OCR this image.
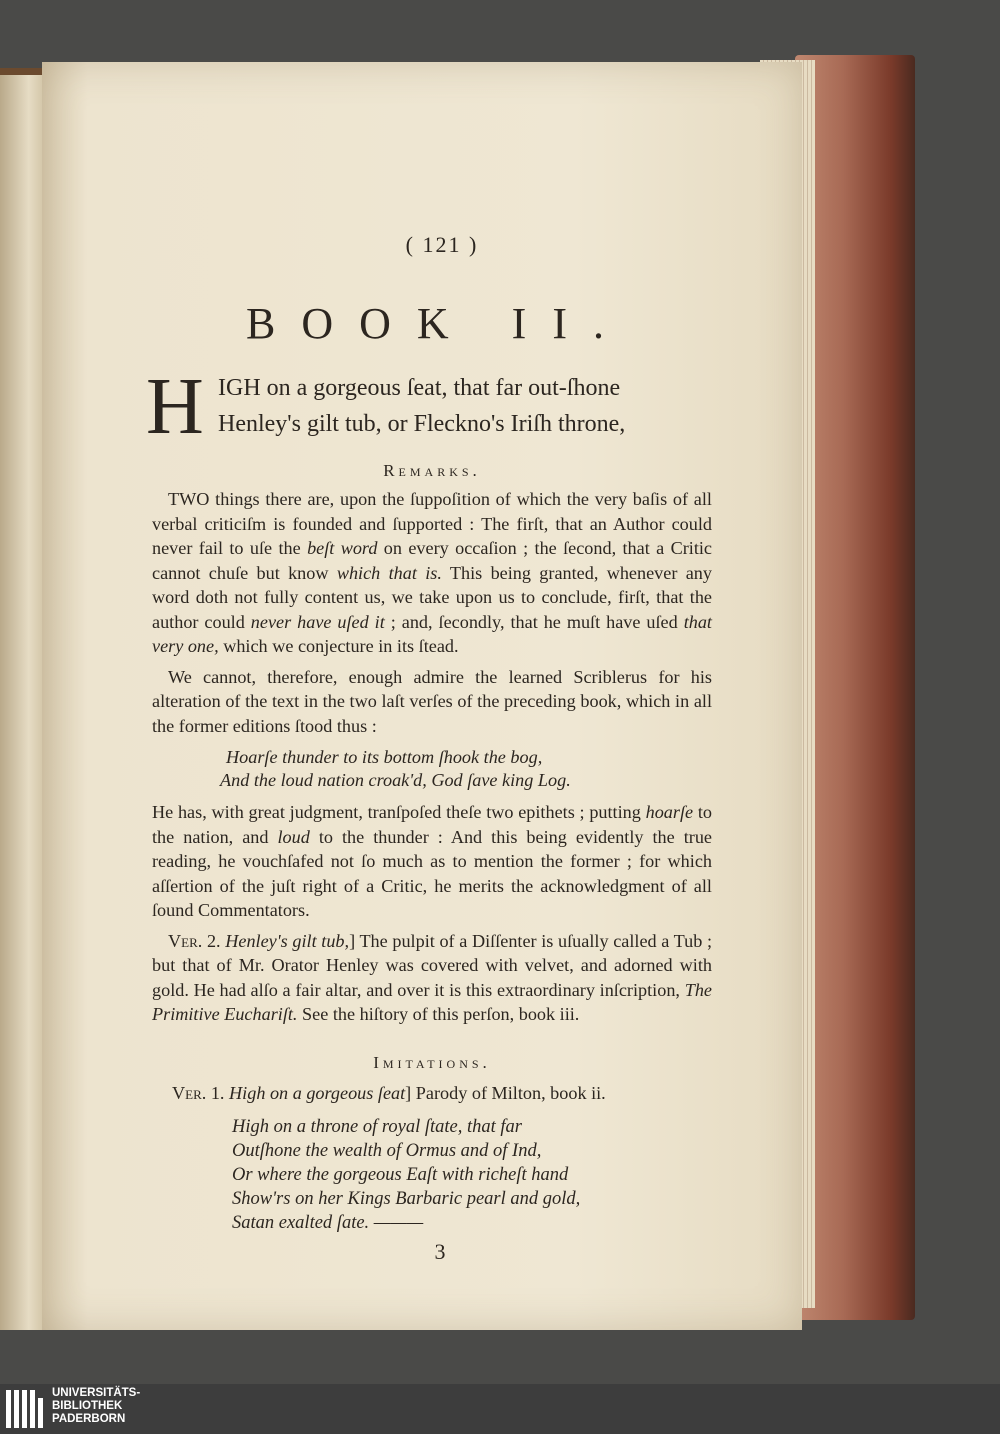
( 121 )
BOOK II.
H IGH on a gorgeous ſeat, that far out-ſhone
Henley's gilt tub, or Fleckno's Iriſh throne,
Remarks.

TWO things there are, upon the ſuppoſition of which the very baſis of all verbal criticiſm is founded and ſupported : The firſt, that an Author could never fail to uſe the beſt word on every occaſion ; the ſecond, that a Critic cannot chuſe but know which that is. This being granted, whenever any word doth not fully content us, we take upon us to conclude, firſt, that the author could never have uſed it ; and, ſecondly, that he muſt have uſed that very one, which we conjecture in its ſtead.

We cannot, therefore, enough admire the learned Scriblerus for his alteration of the text in the two laſt verſes of the preceding book, which in all the former editions ſtood thus :

Hoarſe thunder to its bottom ſhook the bog,
And the loud nation croak'd, God ſave king Log.

He has, with great judgment, tranſpoſed theſe two epithets ; putting hoarſe to the nation, and loud to the thunder : And this being evidently the true reading, he vouchſafed not ſo much as to mention the former ; for which aſſertion of the juſt right of a Critic, he merits the acknowledgment of all ſound Commentators.

Ver. 2. Henley's gilt tub,] The pulpit of a Diſſenter is uſually called a Tub ; but that of Mr. Orator Henley was covered with velvet, and adorned with gold. He had alſo a fair altar, and over it is this extraordinary inſcription, The Primitive Euchariſt. See the hiſtory of this perſon, book iii.

Imitations.

Ver. 1. High on a gorgeous ſeat] Parody of Milton, book ii.

High on a throne of royal ſtate, that far
Outſhone the wealth of Ormus and of Ind,
Or where the gorgeous Eaſt with richeſt hand
Show'rs on her Kings Barbaric pearl and gold,
Satan exalted ſate. ———
3
UNIVERSITÄTS-
BIBLIOTHEK
PADERBORN
